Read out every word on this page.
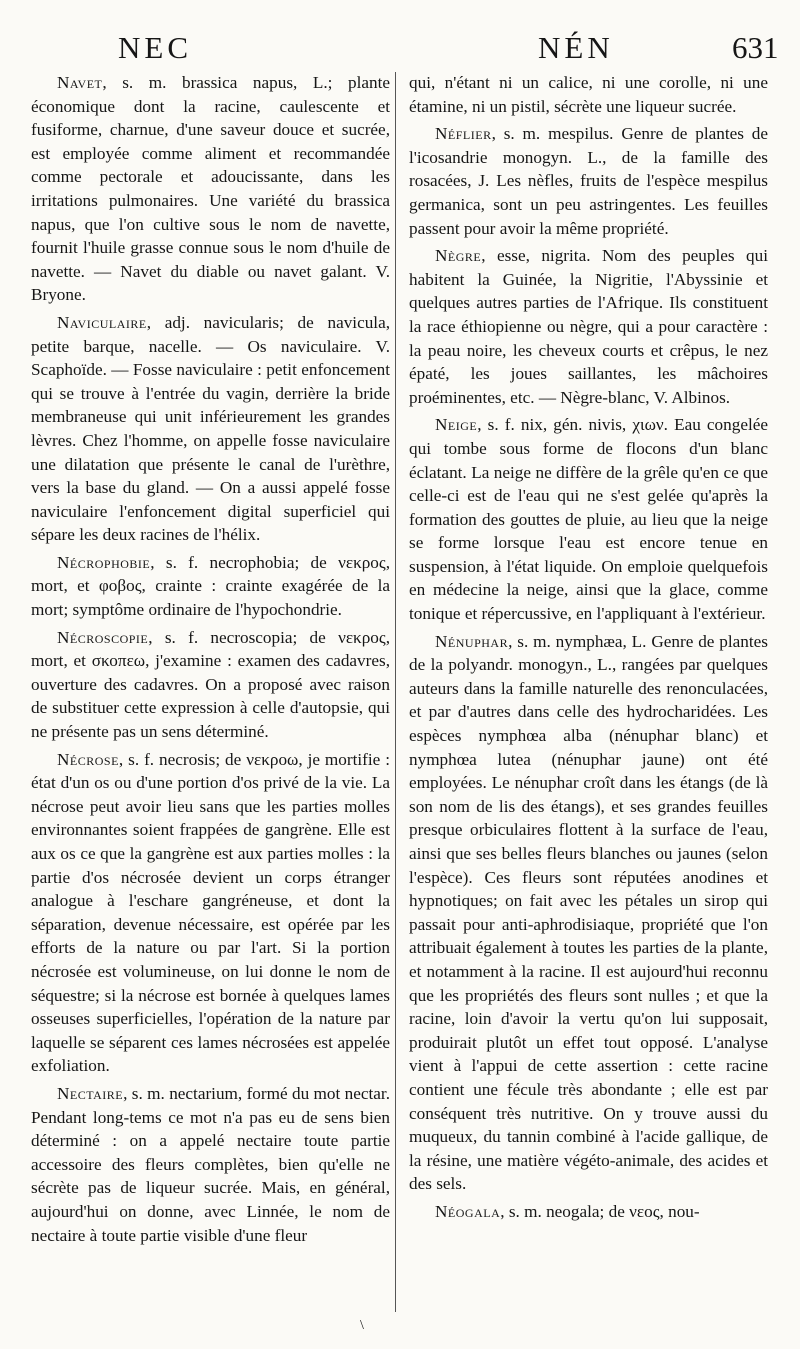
NEC	NÉN	631

Navet, s. m. brassica napus, L.; plante économique dont la racine, caulescente et fusiforme, charnue, d'une saveur douce et sucrée, est employée comme aliment et recommandée comme pectorale et adoucissante, dans les irritations pulmonaires. Une variété du brassica napus, que l'on cultive sous le nom de navette, fournit l'huile grasse connue sous le nom d'huile de navette. — Navet du diable ou navet galant. V. Bryone.

Naviculaire, adj. navicularis; de navicula, petite barque, nacelle. — Os naviculaire. V. Scaphoïde. — Fosse naviculaire : petit enfoncement qui se trouve à l'entrée du vagin, derrière la bride membraneuse qui unit inférieurement les grandes lèvres. Chez l'homme, on appelle fosse naviculaire une dilatation que présente le canal de l'urèthre, vers la base du gland. — On a aussi appelé fosse naviculaire l'enfoncement digital superficiel qui sépare les deux racines de l'hélix.

Nécrophobie, s. f. necrophobia; de νεκρος, mort, et φοβος, crainte : crainte exagérée de la mort; symptôme ordinaire de l'hypochondrie.

Nécroscopie, s. f. necroscopia; de νεκρος, mort, et σκοπεω, j'examine : examen des cadavres, ouverture des cadavres. On a proposé avec raison de substituer cette expression à celle d'autopsie, qui ne présente pas un sens déterminé.

Nécrose, s. f. necrosis; de νεκροω, je mortifie : état d'un os ou d'une portion d'os privé de la vie. La nécrose peut avoir lieu sans que les parties molles environnantes soient frappées de gangrène. Elle est aux os ce que la gangrène est aux parties molles : la partie d'os nécrosée devient un corps étranger analogue à l'eschare gangréneuse, et dont la séparation, devenue nécessaire, est opérée par les efforts de la nature ou par l'art. Si la portion nécrosée est volumineuse, on lui donne le nom de séquestre; si la nécrose est bornée à quelques lames osseuses superficielles, l'opération de la nature par laquelle se séparent ces lames nécrosées est appelée exfoliation.

Nectaire, s. m. nectarium, formé du mot nectar. Pendant long-tems ce mot n'a pas eu de sens bien déterminé : on a appelé nectaire toute partie accessoire des fleurs complètes, bien qu'elle ne sécrète pas de liqueur sucrée. Mais, en général, aujourd'hui on donne, avec Linnée, le nom de nectaire à toute partie visible d'une fleur

qui, n'étant ni un calice, ni une corolle, ni une étamine, ni un pistil, sécrète une liqueur sucrée.

Néflier, s. m. mespilus. Genre de plantes de l'icosandrie monogyn. L., de la famille des rosacées, J. Les nèfles, fruits de l'espèce mespilus germanica, sont un peu astringentes. Les feuilles passent pour avoir la même propriété.

Nègre, esse, nigrita. Nom des peuples qui habitent la Guinée, la Nigritie, l'Abyssinie et quelques autres parties de l'Afrique. Ils constituent la race éthiopienne ou nègre, qui a pour caractère : la peau noire, les cheveux courts et crêpus, le nez épaté, les joues saillantes, les mâchoires proéminentes, etc. — Nègre-blanc, V. Albinos.

Neige, s. f. nix, gén. nivis, χιων. Eau congelée qui tombe sous forme de flocons d'un blanc éclatant. La neige ne diffère de la grêle qu'en ce que celle-ci est de l'eau qui ne s'est gelée qu'après la formation des gouttes de pluie, au lieu que la neige se forme lorsque l'eau est encore tenue en suspension, à l'état liquide. On emploie quelquefois en médecine la neige, ainsi que la glace, comme tonique et répercussive, en l'appliquant à l'extérieur.

Nénuphar, s. m. nymphæa, L. Genre de plantes de la polyandr. monogyn., L., rangées par quelques auteurs dans la famille naturelle des renonculacées, et par d'autres dans celle des hydrocharidées. Les espèces nymphœa alba (nénuphar blanc) et nymphœa lutea (nénuphar jaune) ont été employées. Le nénuphar croît dans les étangs (de là son nom de lis des étangs), et ses grandes feuilles presque orbiculaires flottent à la surface de l'eau, ainsi que ses belles fleurs blanches ou jaunes (selon l'espèce). Ces fleurs sont réputées anodines et hypnotiques; on fait avec les pétales un sirop qui passait pour anti-aphrodisiaque, propriété que l'on attribuait également à toutes les parties de la plante, et notamment à la racine. Il est aujourd'hui reconnu que les propriétés des fleurs sont nulles ; et que la racine, loin d'avoir la vertu qu'on lui supposait, produirait plutôt un effet tout opposé. L'analyse vient à l'appui de cette assertion : cette racine contient une fécule très abondante ; elle est par conséquent très nutritive. On y trouve aussi du muqueux, du tannin combiné à l'acide gallique, de la résine, une matière végéto-animale, des acides et des sels.

Néogala, s. m. neogala; de νεος, nou-

\
